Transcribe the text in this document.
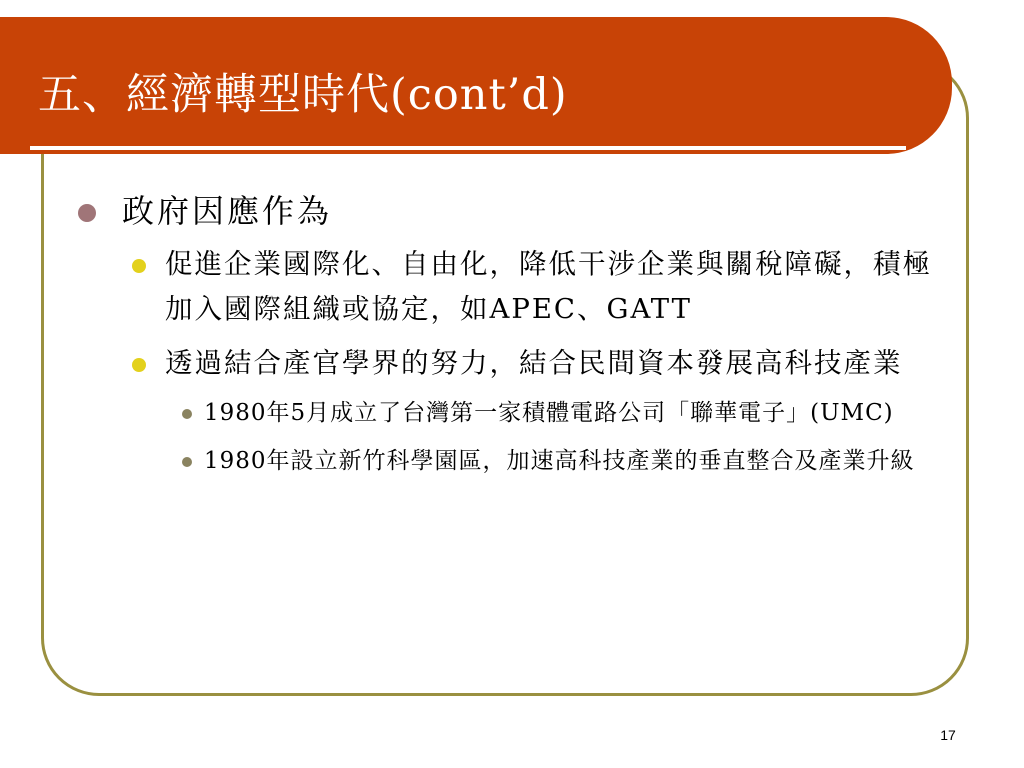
五、經濟轉型時代(cont’d)
政府因應作為
促進企業國際化、自由化，降低干涉企業與關稅障礙，積極加入國際組織或協定，如APEC、GATT
透過結合產官學界的努力，結合民間資本發展高科技產業
1980年5月成立了台灣第一家積體電路公司「聯華電子」(UMC)
1980年設立新竹科學園區，加速高科技產業的垂直整合及產業升級
17
